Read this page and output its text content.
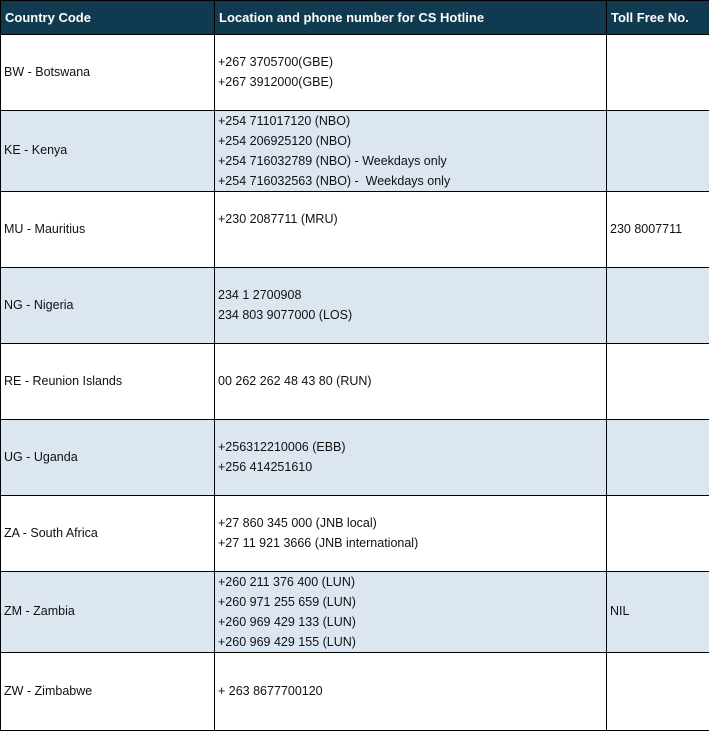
Country Code	Location and phone number for CS Hotline	Toll Free No.
BW - Botswana	+267 3705700(GBE)
+267 3912000(GBE)	

KE - Kenya	+254 711017120 (NBO)
+254 206925120 (NBO)
+254 716032789 (NBO) - Weekdays only
+254 716032563 (NBO) -  Weekdays only	

MU - Mauritius	+230 2087711 (MRU)	230 8007711
NG - Nigeria	234 1 2700908
234 803 9077000 (LOS)	

RE - Reunion Islands	00 262 262 48 43 80 (RUN)	

UG - Uganda	+256312210006 (EBB)
+256 414251610	

ZA - South Africa	+27 860 345 000 (JNB local)
+27 11 921 3666 (JNB international)	

ZM - Zambia	+260 211 376 400 (LUN)
+260 971 255 659 (LUN)
+260 969 429 133 (LUN)
+260 969 429 155 (LUN)	NIL
ZW - Zimbabwe	+ 263 8677700120	
